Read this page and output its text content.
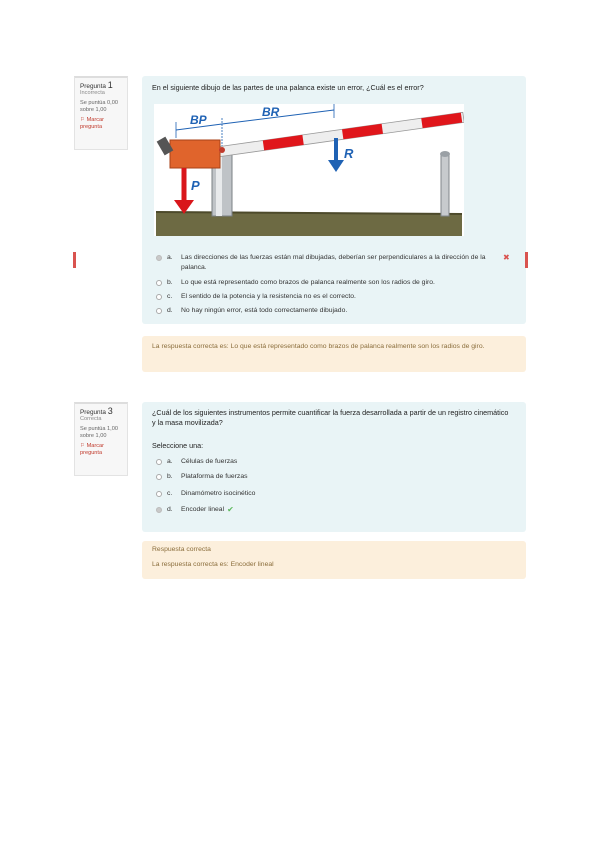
Pregunta 1
Incorrecta
Se puntúa 0,00 sobre 1,00
⚐ Marcar pregunta
En el siguiente dibujo de las partes de una palanca existe un error, ¿Cuál es el error?
BP
BR
R
P
a.	Las direcciones de las fuerzas están mal dibujadas, deberían ser perpendiculares a la dirección de la palanca.
✖
b.	Lo que está representado como brazos de palanca realmente son los radios de giro.
c.	El sentido de la potencia y la resistencia no es el correcto.
d.	No hay ningún error, está todo correctamente dibujado.
La respuesta correcta es: Lo que está representado como brazos de palanca realmente son los radios de giro.
Pregunta 3
Correcta
Se puntúa 1,00 sobre 1,00
⚐ Marcar pregunta
¿Cuál de los siguientes instrumentos permite cuantificar la fuerza desarrollada a partir de un registro cinemático y la masa movilizada?
Seleccione una:
a.	Células de fuerzas
b.	Plataforma de fuerzas
c.	Dinamómetro isocinético
d.	Encoder lineal ✔
Respuesta correcta
La respuesta correcta es: Encoder lineal
